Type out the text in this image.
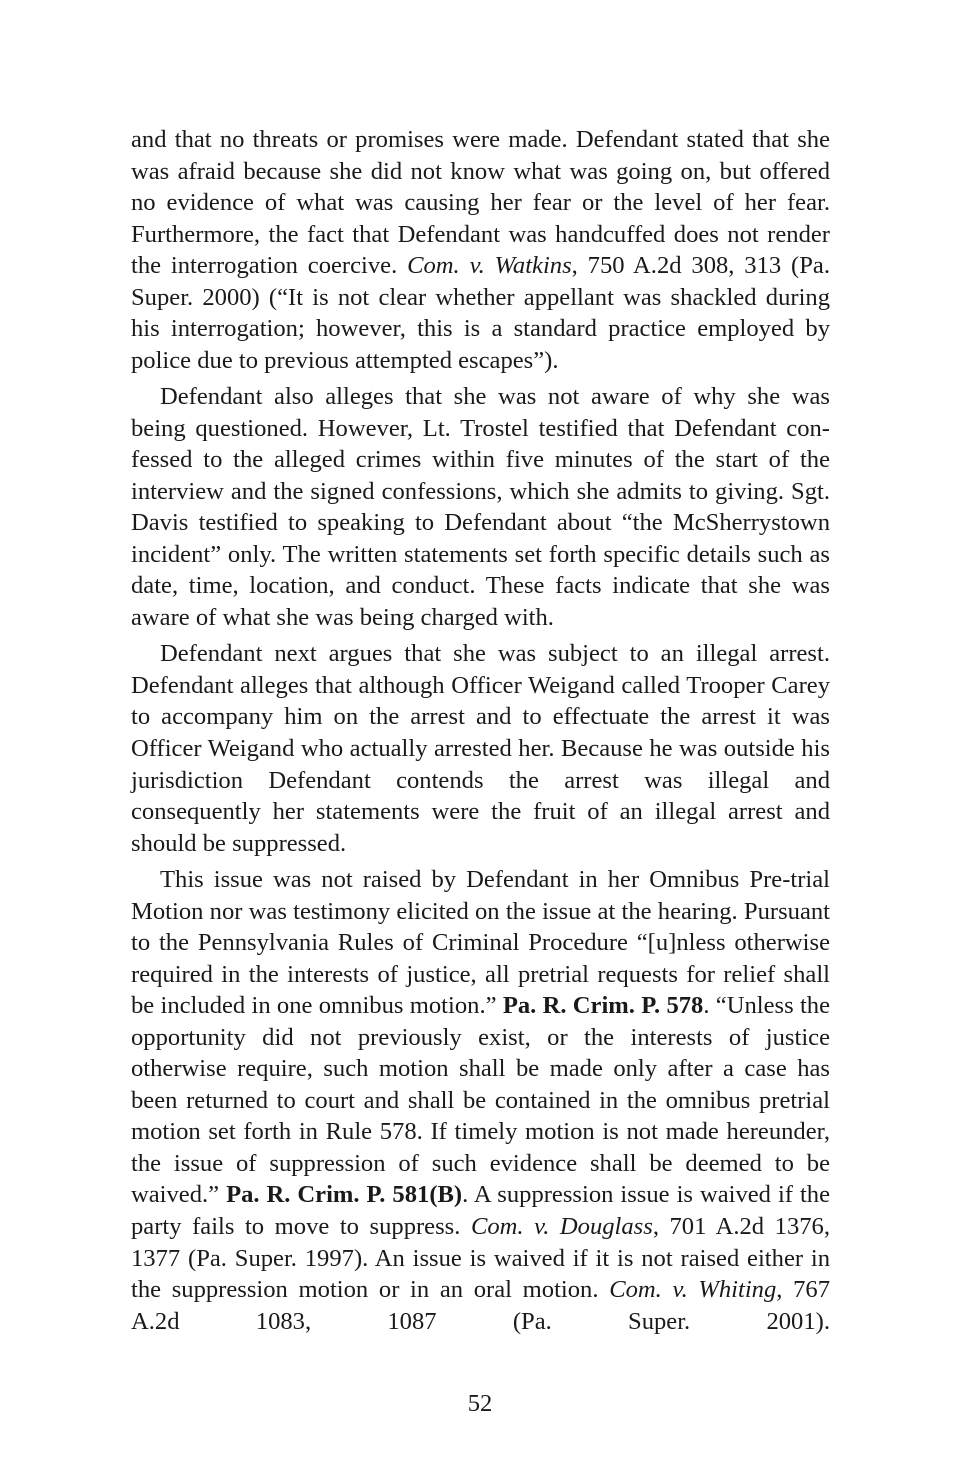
and that no threats or promises were made. Defendant stated that she was afraid because she did not know what was going on, but offered no evidence of what was causing her fear or the level of her fear. Furthermore, the fact that Defendant was handcuffed does not render the interrogation coercive. Com. v. Watkins, 750 A.2d 308, 313 (Pa. Super. 2000) (“It is not clear whether appellant was shackled during his interrogation; however, this is a standard practice employed by police due to previous attempted escapes”).

Defendant also alleges that she was not aware of why she was being questioned. However, Lt. Trostel testified that Defendant confessed to the alleged crimes within five minutes of the start of the interview and the signed confessions, which she admits to giving. Sgt. Davis testified to speaking to Defendant about “the McSherrystown incident” only. The written statements set forth specific details such as date, time, location, and conduct. These facts indicate that she was aware of what she was being charged with.

Defendant next argues that she was subject to an illegal arrest. Defendant alleges that although Officer Weigand called Trooper Carey to accompany him on the arrest and to effectuate the arrest it was Officer Weigand who actually arrested her. Because he was outside his jurisdiction Defendant contends the arrest was illegal and consequently her statements were the fruit of an illegal arrest and should be suppressed.

This issue was not raised by Defendant in her Omnibus Pre-trial Motion nor was testimony elicited on the issue at the hearing. Pursuant to the Pennsylvania Rules of Criminal Procedure “[u]nless otherwise required in the interests of justice, all pretrial requests for relief shall be included in one omnibus motion.” Pa. R. Crim. P. 578. “Unless the opportunity did not previously exist, or the interests of justice otherwise require, such motion shall be made only after a case has been returned to court and shall be contained in the omnibus pretrial motion set forth in Rule 578. If timely motion is not made hereunder, the issue of suppression of such evidence shall be deemed to be waived.” Pa. R. Crim. P. 581(B). A suppression issue is waived if the party fails to move to suppress. Com. v. Douglass, 701 A.2d 1376, 1377 (Pa. Super. 1997). An issue is waived if it is not raised either in the suppression motion or in an oral motion. Com. v. Whiting, 767 A.2d 1083, 1087 (Pa. Super. 2001).

52
